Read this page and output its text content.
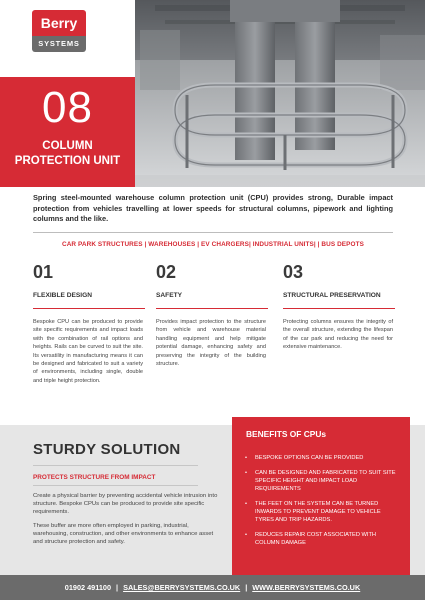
Berry
SYSTEMS
08
COLUMN
PROTECTION UNIT
Spring steel-mounted warehouse column protection unit (CPU) provides strong, Durable impact protection from vehicles travelling at lower speeds for structural columns, pipework and lighting columns and the like.
CAR PARK STRUCTURES | WAREHOUSES | EV CHARGERS| INDUSTRIAL UNITS| | BUS DEPOTS
01
FLEXIBLE DESIGN
Bespoke CPU can be produced to provide site specific requirements and impact loads with the combination of rail options and heights. Rails can be curved to suit the site. Its versatility in manufacturing means it can be designed and fabricated to suit a variety of environments, including single, double and triple height protection.
02
SAFETY
Provides impact protection to the structure from vehicle and warehouse material handling equipment and help mitigate potential damage, enhancing safety and preserving the integrity of the building structure.
03
STRUCTURAL PRESERVATION
Protecting columns ensures the integrity of the overall structure, extending the lifespan of the car park and reducing the need for extensive maintenance.
STURDY SOLUTION
PROTECTS STRUCTURE FROM IMPACT
Create a physical barrier by preventing accidental vehicle intrusion into structure. Bespoke CPUs can be produced to provide site specific requirements.
These buffer are more often employed in parking, industrial, warehousing, construction, and other environments to enhance asset and structure protection and safety.
BENEFITS OF CPUs
• BESPOKE OPTIONS CAN BE PROVIDED
• CAN BE DESIGNED AND FABRICATED TO SUIT SITE SPECIFIC HEIGHT AND IMPACT LOAD REQUIREMENTS
• THE FEET ON THE SYSTEM CAN BE TURNED INWARDS TO PREVENT DAMAGE TO VEHICLE TYRES AND TRIP HAZARDS.
• REDUCES REPAIR COST ASSOCIATED WITH COLUMN DAMAGE
01902 491100 | SALES@BERRYSYSTEMS.CO.UK | WWW.BERRYSYSTEMS.CO.UK
